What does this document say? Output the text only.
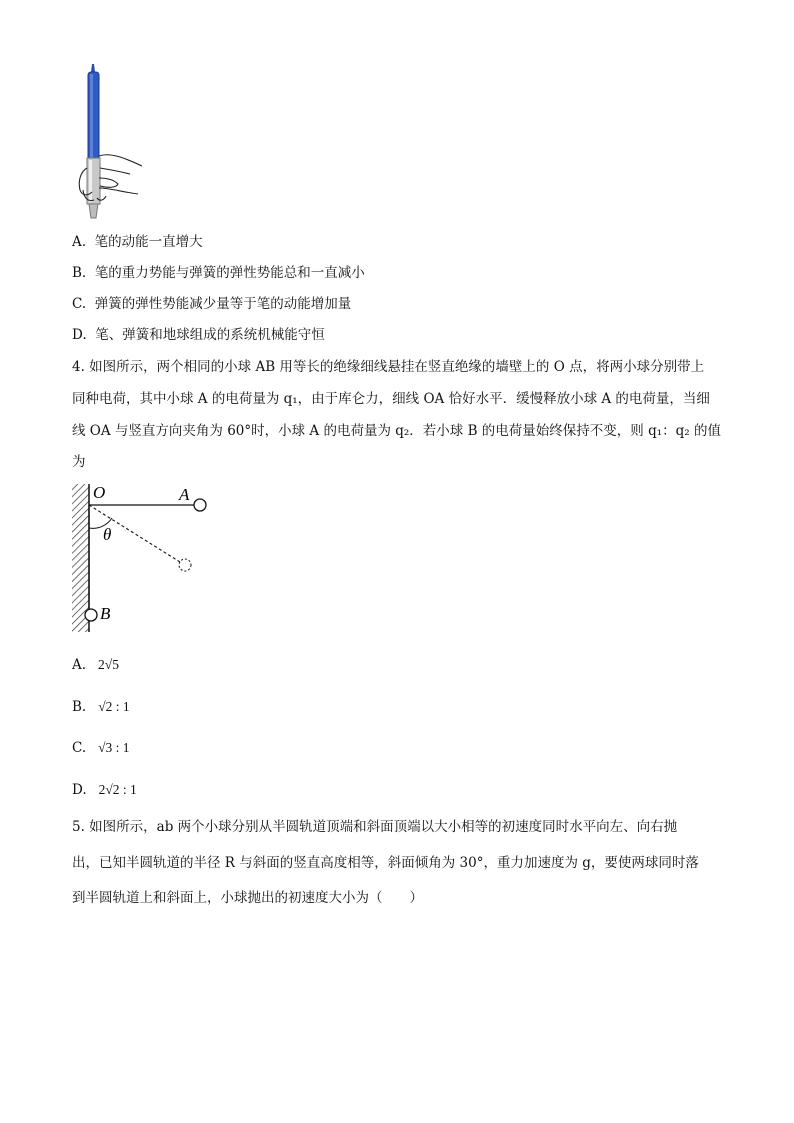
A. 笔的动能一直增大
B. 笔的重力势能与弹簧的弹性势能总和一直减小
C. 弹簧的弹性势能减少量等于笔的动能增加量
D. 笔、弹簧和地球组成的系统机械能守恒
4. 如图所示，两个相同的小球 AB 用等长的绝缘细线悬挂在竖直绝缘的墙壁上的 O 点，将两小球分别带上
同种电荷，其中小球 A 的电荷量为 q₁，由于库仑力，细线 OA 恰好水平．缓慢释放小球 A 的电荷量，当细
线 OA 与竖直方向夹角为 60°时，小球 A 的电荷量为 q₂．若小球 B 的电荷量始终保持不变，则 q₁：q₂ 的值
为
O	A
θ
B
A. 2√5
B. √2 : 1
C. √3 : 1
D. 2√2 : 1
5. 如图所示，ab 两个小球分别从半圆轨道顶端和斜面顶端以大小相等的初速度同时水平向左、向右抛
出，已知半圆轨道的半径 R 与斜面的竖直高度相等，斜面倾角为 30°，重力加速度为 g，要使两球同时落
到半圆轨道上和斜面上，小球抛出的初速度大小为（　　）
